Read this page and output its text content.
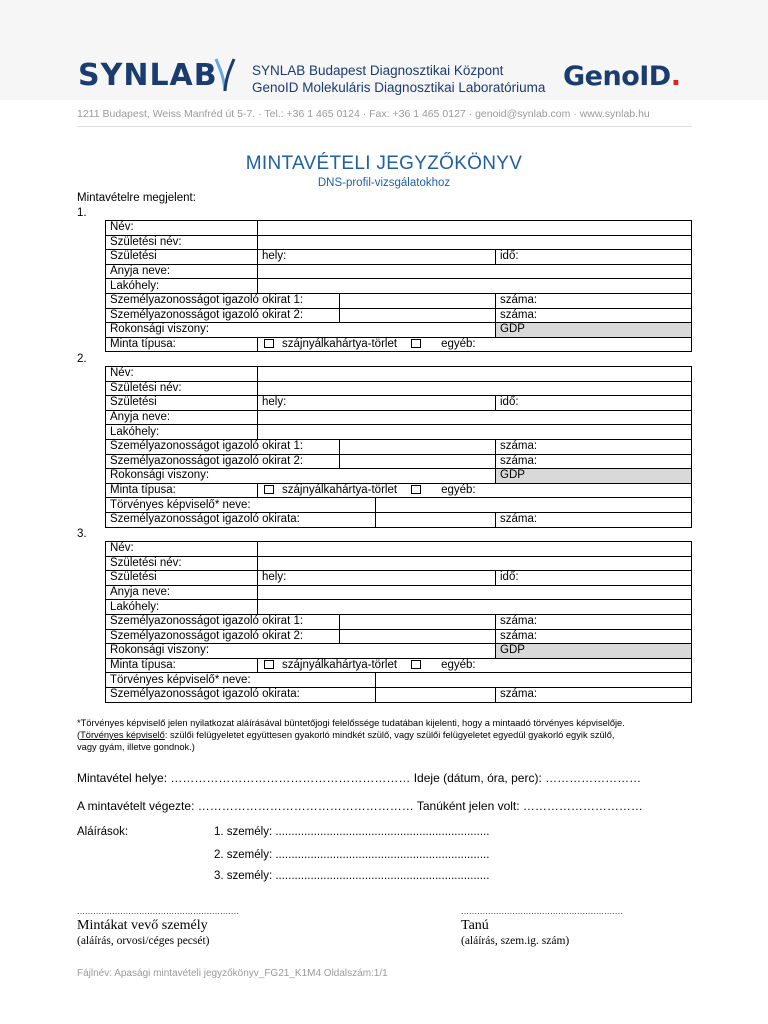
SYNLAB	SYNLAB Budapest Diagnosztikai Központ
GenoID Molekuláris Diagnosztikai Laboratóriuma GenoID.
1211 Budapest, Weiss Manfréd út 5-7. · Tel.: +36 1 465 0124 · Fax: +36 1 465 0127 · genoid@synlab.com · www.synlab.hu
MINTAVÉTELI JEGYZŐKÖNYV
DNS-profil-vizsgálatokhoz
Mintavételre megjelent:
1.
Név:			
Születési név:			
Születési	hely:		idő:
Anyja neve:			
Lakóhely:			
Személyazonosságot igazoló okirat 1:			száma:
Személyazonosságot igazoló okirat 2:			száma:
Rokonsági viszony:			GDP
Minta típusa:	szájnyálkahártya-törlet egyéb:		
2.
Név:				
Születési név:				
Születési	hely:			idő:
Anyja neve:				
Lakóhely:				
Személyazonosságot igazoló okirat 1:				száma:
Személyazonosságot igazoló okirat 2:				száma:
Rokonsági viszony:				GDP
Minta típusa:	szájnyálkahártya-törlet egyéb:			
Törvényes képviselő* neve:				
Személyazonosságot igazoló okirata:				száma:
3.
Név:				
Születési név:				
Születési	hely:			idő:
Anyja neve:				
Lakóhely:				
Személyazonosságot igazoló okirat 1:				száma:
Személyazonosságot igazoló okirat 2:				száma:
Rokonsági viszony:				GDP
Minta típusa:	szájnyálkahártya-törlet egyéb:			
Törvényes képviselő* neve:				
Személyazonosságot igazoló okirata:				száma:
*Törvényes képviselő jelen nyilatkozat aláírásával büntetőjogi felelőssége tudatában kijelenti, hogy a mintaadó törvényes képviselője.
(Törvényes képviselő: szülői felügyeletet együttesen gyakorló mindkét szülő, vagy szülői felügyeletet egyedül gyakorló egyik szülő,
vagy gyám, illetve gondnok.)
Mintavétel helye: …………………………………………………… Ideje (dátum, óra, perc): ……………………
A mintavételt végezte: ……………………………………………… Tanúként jelen volt: …………………………
Aláírások:	1. személy: ...................................................................
2. személy: ...................................................................
3. személy: ...................................................................
............................................................	............................................................
Mintákat vevő személy
(aláírás, orvosi/céges pecsét)
Tanú
(aláírás, szem.ig. szám)
Fájlnév: Apasági mintavételi jegyzőkönyv_FG21_K1M4 Oldalszám:1/1
